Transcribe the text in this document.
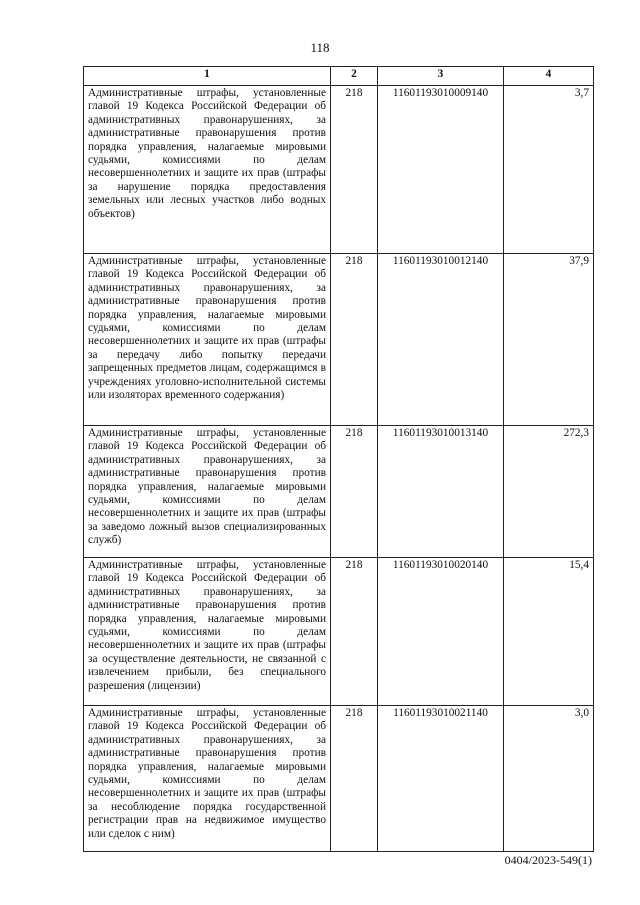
118
1	2	3	4
Административные штрафы, установленные главой 19 Кодекса Российской Федерации об административных правонарушениях, за административные правонарушения против порядка управления, налагаемые мировыми судьями, комиссиями по делам несовершеннолетних и защите их прав (штрафы за нарушение порядка предоставления земельных или лесных участков либо водных объектов)	218	11601193010009140	3,7
Административные штрафы, установленные главой 19 Кодекса Российской Федерации об административных правонарушениях, за административные правонарушения против порядка управления, налагаемые мировыми судьями, комиссиями по делам несовершеннолетних и защите их прав (штрафы за передачу либо попытку передачи запрещенных предметов лицам, содержащимся в учреждениях уголовно-исполнительной системы или изоляторах временного содержания)	218	11601193010012140	37,9
Административные штрафы, установленные главой 19 Кодекса Российской Федерации об административных правонарушениях, за административные правонарушения против порядка управления, налагаемые мировыми судьями, комиссиями по делам несовершеннолетних и защите их прав (штрафы за заведомо ложный вызов специализированных служб)	218	11601193010013140	272,3
Административные штрафы, установленные главой 19 Кодекса Российской Федерации об административных правонарушениях, за административные правонарушения против порядка управления, налагаемые мировыми судьями, комиссиями по делам несовершеннолетних и защите их прав (штрафы за осуществление деятельности, не связанной с извлечением прибыли, без специального разрешения (лицензии)	218	11601193010020140	15,4
Административные штрафы, установленные главой 19 Кодекса Российской Федерации об административных правонарушениях, за административные правонарушения против порядка управления, налагаемые мировыми судьями, комиссиями по делам несовершеннолетних и защите их прав (штрафы за несоблюдение порядка государственной регистрации прав на недвижимое имущество или сделок с ним)	218	11601193010021140	3,0
0404/2023-549(1)
